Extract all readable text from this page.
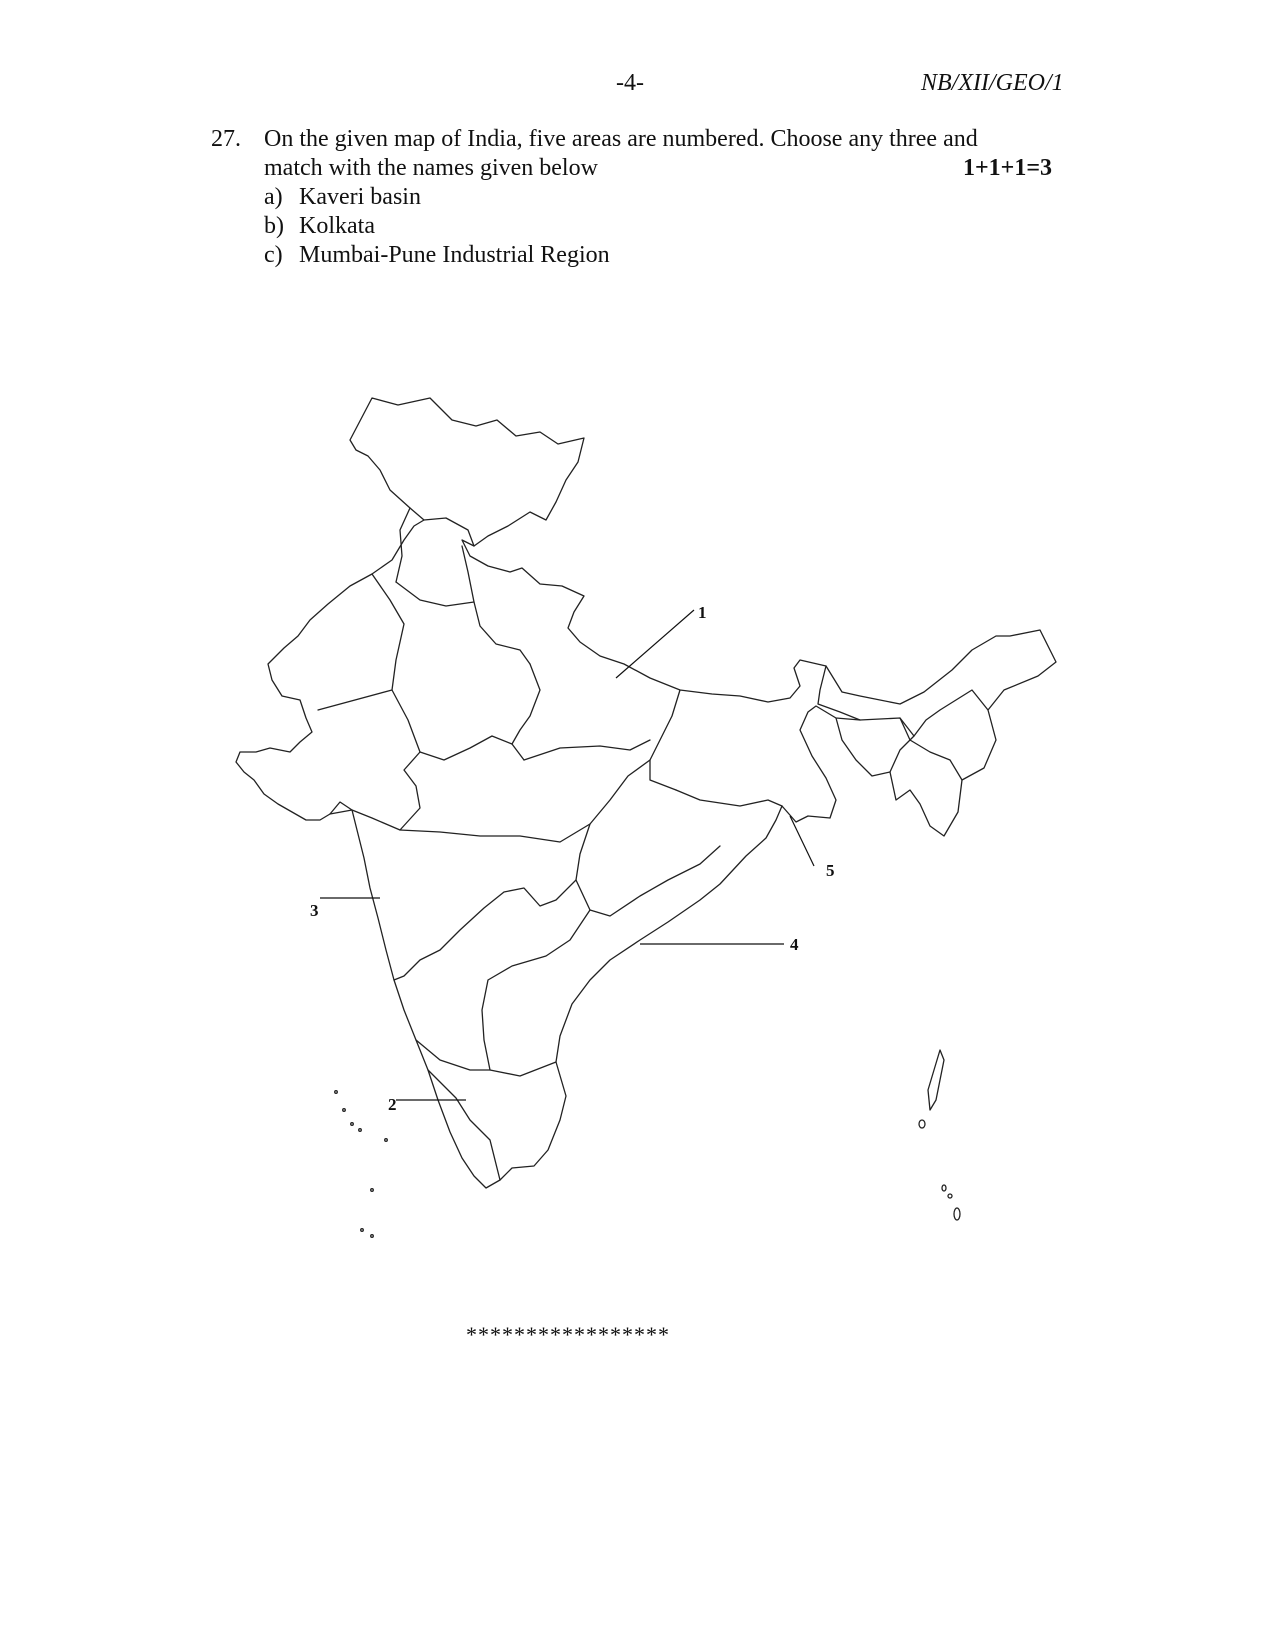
-4-	NB/XII/GEO/1
27. On the given map of India, five areas are numbered. Choose any three and
match with the names given below	1+1+1=3
a) Kaveri basin
b) Kolkata
c) Mumbai-Pune Industrial Region
1
2
3
4
5
*****************
